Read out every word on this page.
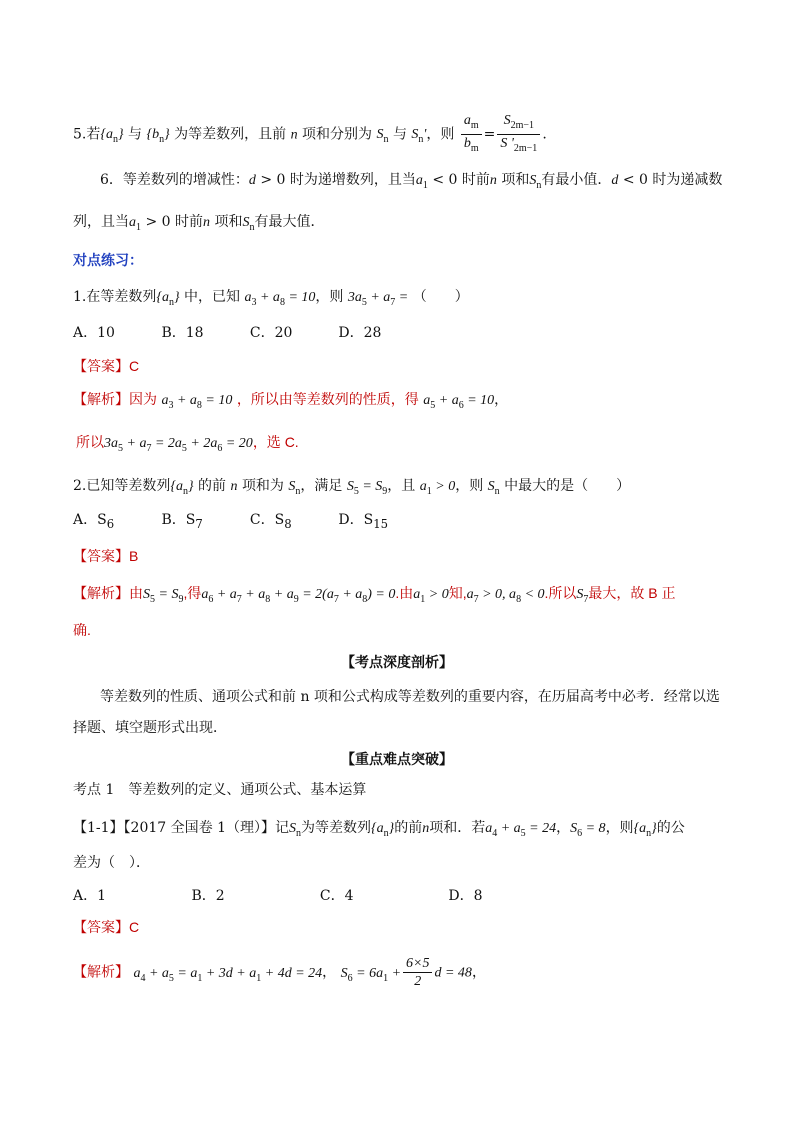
5.若$\{a_n\}$ 与 $\{b_n\}$ 为等差数列，且前 n 项和分别为 $S_n$ 与 $S_n'$，则 $\frac{a_m}{b_m} = \frac{S_{2m-1}}{S '_{2m-1}}$ .
6．等差数列的增减性：d > 0 时为递增数列，且当$a_1 < 0$ 时前n 项和$S_n$有最小值．d < 0 时为递减数
列，且当$a_1 > 0$ 时前n 项和$S_n$有最大值．
对点练习：
1.在等差数列$\{a_n\}$ 中，已知 $a_3 + a_8 = 10$，则 $3a_5 + a_7$ = （　　）
A．10	B．18	C．20	D．28
【答案】C
【解析】因为 $a_3 + a_8 = 10$ ，所以由等差数列的性质，得 $a_5 + a_6 = 10$，
所以$3a_5 + a_7 = 2a_5 + 2a_6 = 20$，选 C.
2.已知等差数列$\{a_n\}$ 的前 n 项和为 $S_n$，满足 $S_5 = S_9$，且 $a_1 > 0$，则 $S_n$ 中最大的是（　　）
A．$S_6$	B．$S_7$	C．$S_8$	D．$S_{15}$
【答案】B
【解析】由$S_5 = S_9$,得$a_6 + a_7 + a_8 + a_9 = 2(a_7 + a_8) = 0$.由$a_1 > 0$知$,a_7 > 0$, $a_8 < 0$.所以$S_7$最大，故 B 正
确.
【考点深度剖析】
等差数列的性质、通项公式和前 n 项和公式构成等差数列的重要内容，在历届高考中必考．经常以选
择题、填空题形式出现．
【重点难点突破】
考点 1　等差数列的定义、通项公式、基本运算
【1-1】【2017 全国卷 1（理）】记$S_n$为等差数列$\{a_n\}$的前n项和．若$a_4 + a_5 = 24$，$S_6 = 8$，则$\{a_n\}$的公
差为（　）．
A．1	B．2	C．4	D．8
【答案】C
【解析】 $a_4 + a_5 = a_1 + 3d + a_1 + 4d = 24$， $S_6 = 6a_1 + \frac{6\times 5}{2}$ d = 48，
